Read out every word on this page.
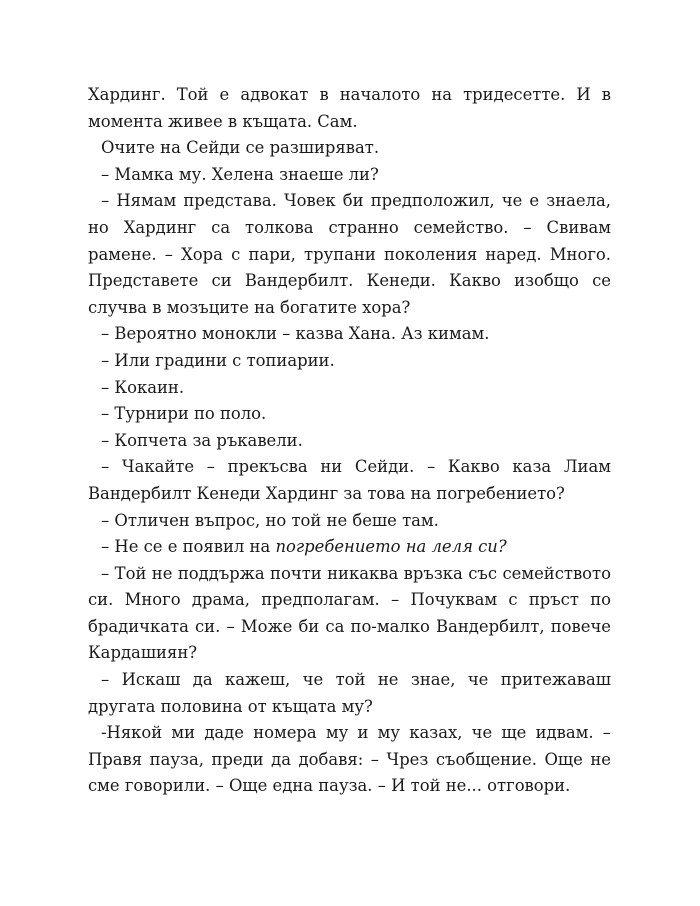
Хардинг. Той е адвокат в началото на тридесетте. И в моментa живее в къщата. Сам.

Очите на Сейди се разширяват.

– Мамка му. Хелена знаеше ли?

– Нямам представа. Човек би предположил, че е знаела, но Хардинг са толкова странно семейство. – Свивам рамене. – Хора с пари, трупани поколения наред. Много. Представете си Вандербилт. Кенеди. Какво изобщо се случва в мозъците на богатите хора?

– Вероятно монокли – казва Хана. Аз кимам.

– Или градини с топиарии.

– Кокаин.

– Турнири по поло.

– Копчета за ръкавели.

– Чакайте – прекъсва ни Сейди. – Какво каза Лиам Вандербилт Кенеди Хардинг за това на погребението?

– Отличен въпрос, но той не беше там.

– Не се е появил на погребението на леля си?

– Той не поддържа почти никаква връзка със семейството си. Много драма, предполагам. – Почуквам с пръст по брадичката си. – Може би са по-малко Вандербилт, повече Кардашиян?

– Искаш да кажеш, че той не знае, че притежаваш другата половина от къщата му?

-Някой ми даде номера му и му казах, че ще идвам. – Правя пауза, преди да добавя: – Чрез съобщение. Още не сме говорили. – Още една пауза. – И той не... отговори.
